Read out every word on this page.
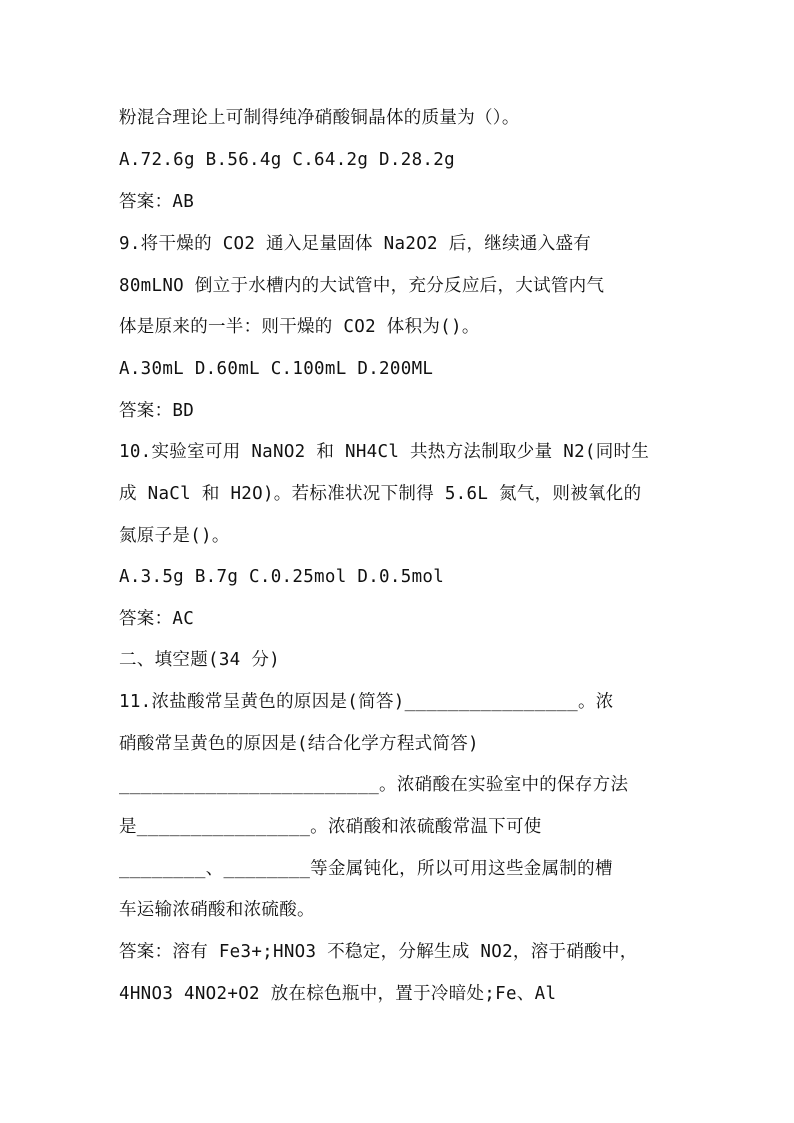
粉混合理论上可制得纯净硝酸铜晶体的质量为（）。
A.72.6g B.56.4g C.64.2g D.28.2g
答案：AB
9.将干燥的 CO2 通入足量固体 Na2O2 后，继续通入盛有
80mLNO 倒立于水槽内的大试管中，充分反应后，大试管内气
体是原来的一半：则干燥的 CO2 体积为()。
A.30mL D.60mL C.100mL D.200ML
答案：BD
10.实验室可用 NaNO2 和 NH4Cl 共热方法制取少量 N2(同时生
成 NaCl 和 H2O)。若标准状况下制得 5.6L 氮气，则被氧化的
氮原子是()。
A.3.5g B.7g C.0.25mol D.0.5mol
答案：AC
二、填空题(34 分)
11.浓盐酸常呈黄色的原因是(简答)________________。浓
硝酸常呈黄色的原因是(结合化学方程式简答)
________________________。浓硝酸在实验室中的保存方法
是________________。浓硝酸和浓硫酸常温下可使
________、________等金属钝化，所以可用这些金属制的槽
车运输浓硝酸和浓硫酸。
答案：溶有 Fe3+;HNO3 不稳定，分解生成 NO2，溶于硝酸中，
4HNO3 4NO2+O2 放在棕色瓶中，置于冷暗处;Fe、Al
